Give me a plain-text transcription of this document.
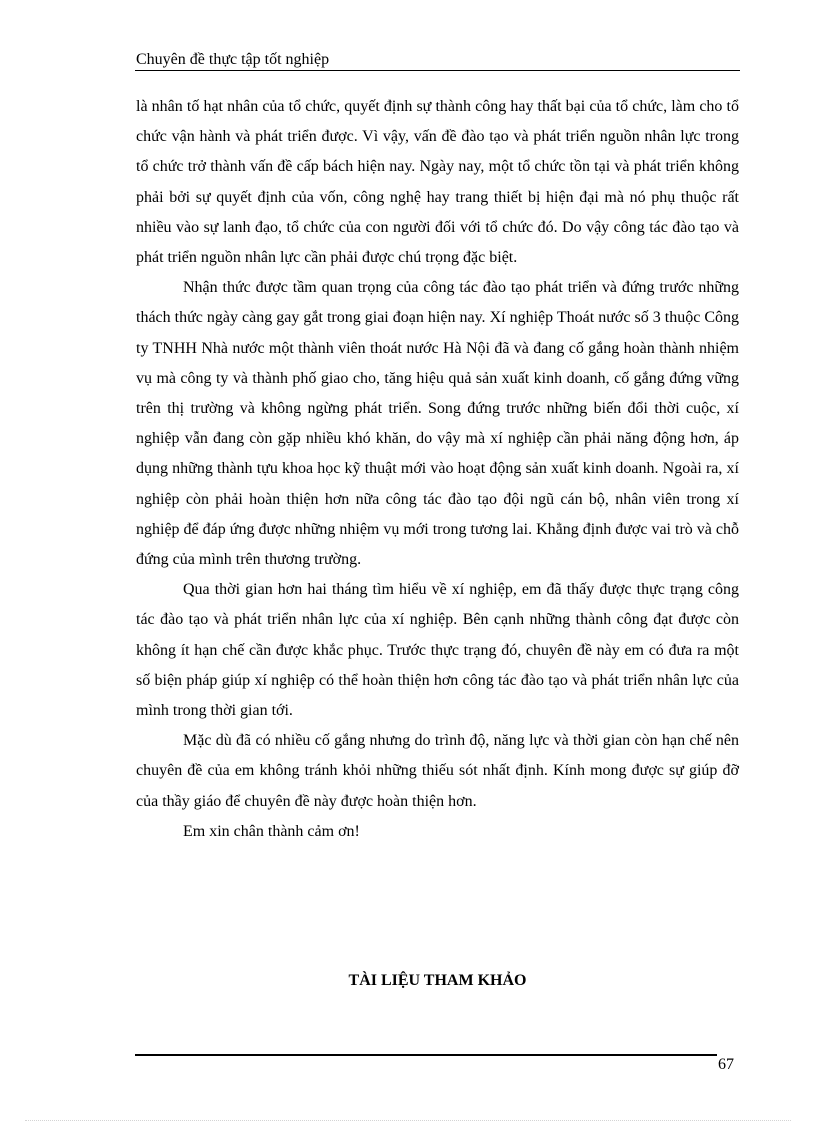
Chuyên đề thực tập tốt nghiệp

là nhân tố hạt nhân của tổ chức, quyết định sự thành công hay thất bại của tổ chức, làm cho tổ chức vận hành và phát triển được. Vì vậy, vấn đề đào tạo và phát triển nguồn nhân lực trong tổ chức trở thành vấn đề cấp bách hiện nay. Ngày nay, một tổ chức tồn tại và phát triển không phải bởi sự quyết định của vốn, công nghệ hay trang thiết bị hiện đại mà nó phụ thuộc rất nhiều vào sự lanh đạo, tổ chức của con người đối với tổ chức đó. Do vậy công tác đào tạo và phát triển nguồn nhân lực cần phải được chú trọng đặc biệt.

Nhận thức được tầm quan trọng của công tác đào tạo phát triển và đứng trước những thách thức ngày càng gay gắt trong giai đoạn hiện nay. Xí nghiệp Thoát nước số 3 thuộc Công ty TNHH Nhà nước một thành viên thoát nước Hà Nội đã và đang cố gắng hoàn thành nhiệm vụ mà công ty và thành phố giao cho, tăng hiệu quả sản xuất kinh doanh, cố gắng đứng vững trên thị trường và không ngừng phát triển. Song đứng trước những biến đổi thời cuộc, xí nghiệp vẫn đang còn gặp nhiều khó khăn, do vậy mà xí nghiệp cần phải năng động hơn, áp dụng những thành tựu khoa học kỹ thuật mới vào hoạt động sản xuất kinh doanh. Ngoài ra, xí nghiệp còn phải hoàn thiện hơn nữa công tác đào tạo đội ngũ cán bộ, nhân viên trong xí nghiệp để đáp ứng được những nhiệm vụ mới trong tương lai. Khẳng định được vai trò và chỗ đứng của mình trên thương trường.

Qua thời gian hơn hai tháng tìm hiểu về xí nghiệp, em đã thấy được thực trạng công tác đào tạo và phát triển nhân lực của xí nghiệp. Bên cạnh những thành công đạt được còn không ít hạn chế cần được khắc phục. Trước thực trạng đó, chuyên đề này em có đưa ra một số biện pháp giúp xí nghiệp có thể hoàn thiện hơn công tác đào tạo và phát triển nhân lực của mình trong thời gian tới.

Mặc dù đã có nhiều cố gắng nhưng do trình độ, năng lực và thời gian còn hạn chế nên chuyên đề của em không tránh khỏi những thiếu sót nhất định. Kính mong được sự giúp đỡ của thầy giáo để chuyên đề này được hoàn thiện hơn.

Em xin chân thành cảm ơn!

TÀI LIỆU THAM KHẢO
67
